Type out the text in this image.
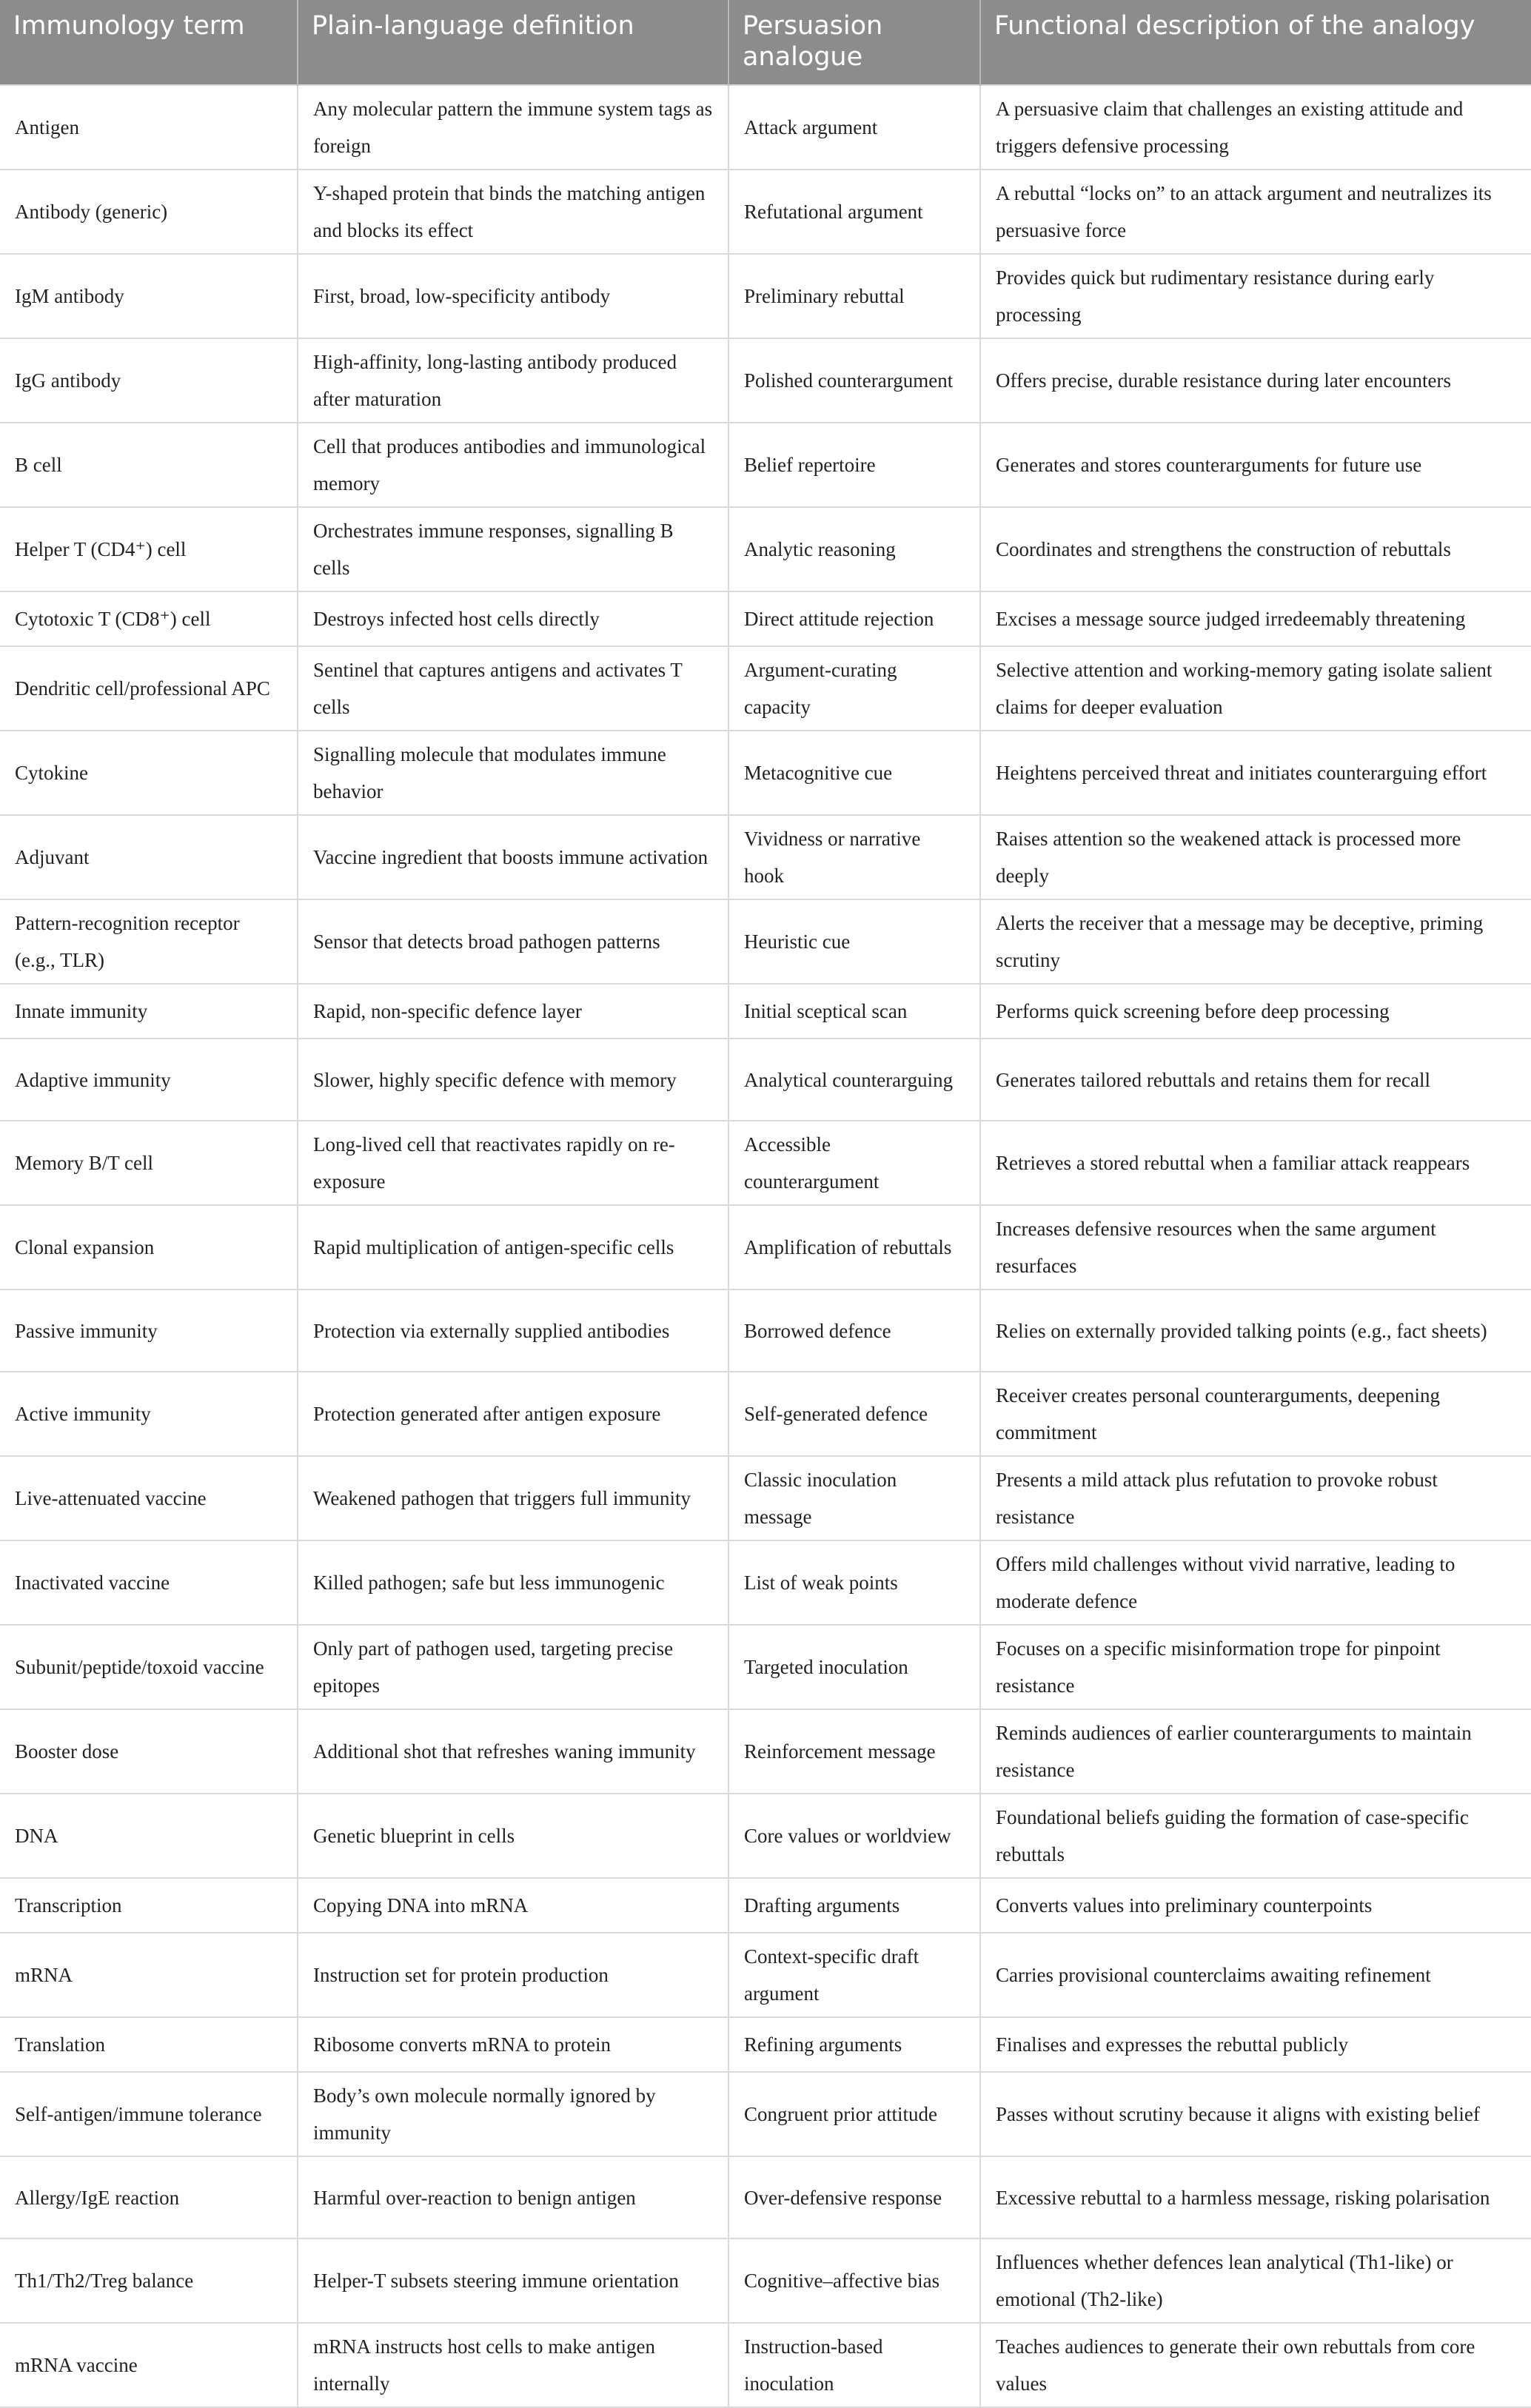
Immunology term	Plain-language definition	Persuasion analogue	Functional description of the analogy
Antigen	Any molecular pattern the immune system tags as foreign	Attack argument	A persuasive claim that challenges an existing attitude and triggers defensive processing
Antibody (generic)	Y-shaped protein that binds the matching antigen and blocks its effect	Refutational argument	A rebuttal “locks on” to an attack argument and neutralizes its persuasive force
IgM antibody	First, broad, low-specificity antibody	Preliminary rebuttal	Provides quick but rudimentary resistance during early processing
IgG antibody	High-affinity, long-lasting antibody produced after maturation	Polished counterargument	Offers precise, durable resistance during later encounters
B cell	Cell that produces antibodies and immunological memory	Belief repertoire	Generates and stores counterarguments for future use
Helper T (CD4⁺) cell	Orchestrates immune responses, signalling B cells	Analytic reasoning	Coordinates and strengthens the construction of rebuttals
Cytotoxic T (CD8⁺) cell	Destroys infected host cells directly	Direct attitude rejection	Excises a message source judged irredeemably threatening
Dendritic cell/professional APC	Sentinel that captures antigens and activates T cells	Argument-curating capacity	Selective attention and working-memory gating isolate salient claims for deeper evaluation
Cytokine	Signalling molecule that modulates immune behavior	Metacognitive cue	Heightens perceived threat and initiates counterarguing effort
Adjuvant	Vaccine ingredient that boosts immune activation	Vividness or narrative hook	Raises attention so the weakened attack is processed more deeply
Pattern-recognition receptor (e.g., TLR)	Sensor that detects broad pathogen patterns	Heuristic cue	Alerts the receiver that a message may be deceptive, priming scrutiny
Innate immunity	Rapid, non-specific defence layer	Initial sceptical scan	Performs quick screening before deep processing
Adaptive immunity	Slower, highly specific defence with memory	Analytical counterarguing	Generates tailored rebuttals and retains them for recall
Memory B/T cell	Long-lived cell that reactivates rapidly on re-exposure	Accessible counterargument	Retrieves a stored rebuttal when a familiar attack reappears
Clonal expansion	Rapid multiplication of antigen-specific cells	Amplification of rebuttals	Increases defensive resources when the same argument resurfaces
Passive immunity	Protection via externally supplied antibodies	Borrowed defence	Relies on externally provided talking points (e.g., fact sheets)
Active immunity	Protection generated after antigen exposure	Self-generated defence	Receiver creates personal counterarguments, deepening commitment
Live-attenuated vaccine	Weakened pathogen that triggers full immunity	Classic inoculation message	Presents a mild attack plus refutation to provoke robust resistance
Inactivated vaccine	Killed pathogen; safe but less immunogenic	List of weak points	Offers mild challenges without vivid narrative, leading to moderate defence
Subunit/peptide/toxoid vaccine	Only part of pathogen used, targeting precise epitopes	Targeted inoculation	Focuses on a specific misinformation trope for pinpoint resistance
Booster dose	Additional shot that refreshes waning immunity	Reinforcement message	Reminds audiences of earlier counterarguments to maintain resistance
DNA	Genetic blueprint in cells	Core values or worldview	Foundational beliefs guiding the formation of case-specific rebuttals
Transcription	Copying DNA into mRNA	Drafting arguments	Converts values into preliminary counterpoints
mRNA	Instruction set for protein production	Context-specific draft argument	Carries provisional counterclaims awaiting refinement
Translation	Ribosome converts mRNA to protein	Refining arguments	Finalises and expresses the rebuttal publicly
Self-antigen/immune tolerance	Body’s own molecule normally ignored by immunity	Congruent prior attitude	Passes without scrutiny because it aligns with existing belief
Allergy/IgE reaction	Harmful over-reaction to benign antigen	Over-defensive response	Excessive rebuttal to a harmless message, risking polarisation
Th1/Th2/Treg balance	Helper-T subsets steering immune orientation	Cognitive–affective bias	Influences whether defences lean analytical (Th1-like) or emotional (Th2-like)
mRNA vaccine	mRNA instructs host cells to make antigen internally	Instruction-based inoculation	Teaches audiences to generate their own rebuttals from core values
